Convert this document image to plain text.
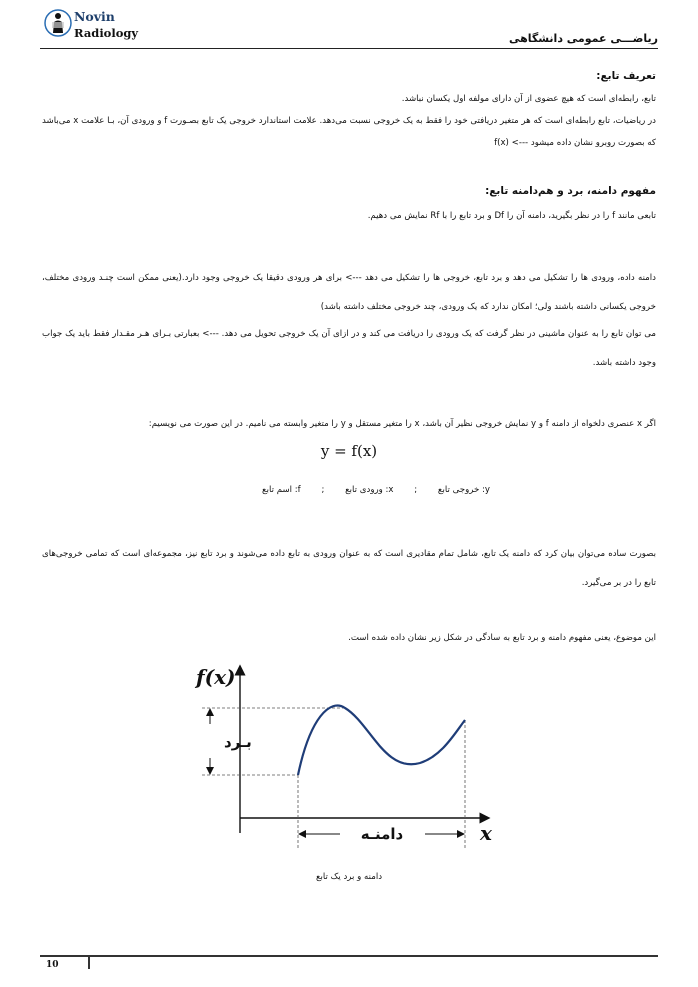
Novin
Radiology	ریاضـــی عمومی دانشگاهی
تعریف تابع:
تابع، رابطه‌ای است که هیچ عضوی از آن دارای مولفه اول یکسان نباشد.
در ریاضیات، تابع رابطه‌ای است که هر متغیر دریافتی خود را فقط به یک خروجی نسبت می‌دهد. علامت استاندارد خروجی یک تابع بصـورت f و ورودی آن، بـا علامت x می‌باشد که بصورت روبرو نشان داده میشود ---> f(x)
مفهوم دامنه، برد و هم‌دامنه تابع:
تابعی مانند f را در نظر بگیرید، دامنه آن را Df و برد تابع را با Rf نمایش می دهیم.
دامنه داده، ورودی ها را تشکیل می دهد و برد تابع، خروجی ها را تشکیل می دهد ---> برای هر ورودی دقیقا یک خروجی وجود دارد.(یعنی ممکن است چنـد ورودی مختلف، خروجی یکسانی داشته باشند ولی؛ امکان ندارد که یک ورودی، چند خروجی مختلف داشته باشد)
می توان تابع را به عنوان ماشینی در نظر گرفت که یک ورودی را دریافت می کند و در ازای آن یک خروجی تحویل می دهد. ---> بعبارتی بـرای هـر مقـدار فقط باید یک جواب وجود داشته باشد.
اگر x عنصری دلخواه از دامنه f و y نمایش خروجی نظیر آن باشد، x را متغیر مستقل و y را متغیر وابسته می نامیم. در این صورت می نویسیم:
y = f(x)
y: خروجی تابع ; x: ورودی تابع ; f: اسم تابع
بصورت ساده می‌توان بیان کرد که دامنه یک تابع، شامل تمام مقادیری است که به عنوان ورودی به تابع داده می‌شوند و برد تابع نیز، مجموعه‌ای است که تمامی خروجی‌های تابع را در بر می‌گیرد.
این موضوع، یعنی مفهوم دامنه و برد تابع به سادگی در شکل زیر نشان داده شده است.
f(x)
x
بـرد
دامنـه
دامنه و برد یک تابع
10
